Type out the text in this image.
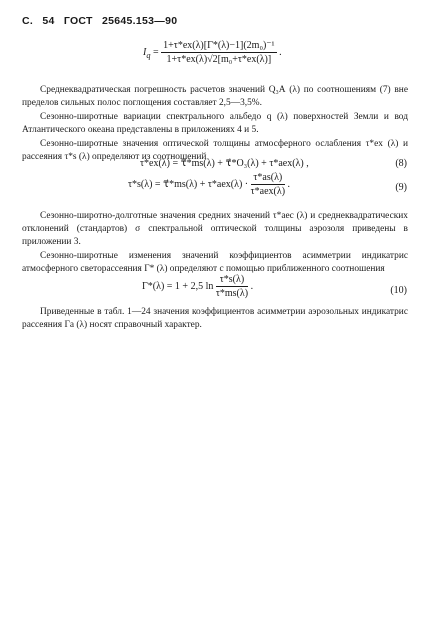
С. 54 ГОСТ 25645.153—90
$I_q = \frac{\text{1+τ*ex(λ)[Γ*(λ)−1](2m₀)⁻¹}}{\text{1+τ*ex(λ)√2[m₀+τ*ex(λ)]}}$ .
Среднеквадратическая погрешность расчетов значений Q₃А (λ) по соотношениям (7) вне пределов сильных полос поглощения составляет 2,5—3,5%.
Сезонно-широтные вариации спектрального альбедо q (λ) поверхностей Земли и вод Атлантического океана представлены в приложениях 4 и 5.
Сезонно-широтные значения оптической толщины атмосферного ослабления τ*ex (λ) и рассеяния τ*s (λ) определяют из соотношений
τ*ex(λ) = τ⃗*ms(λ) + τ⃗*O₃(λ) + τ*aex(λ) ,	(8)
τ*s(λ) = τ⃗*ms(λ) + $\tau*aex(\lambda) \cdot \frac{\tau*as(\lambda)}{\text{τ*aex(λ)}}$ .	(9)
Сезонно-широтно-долготные значения средних значений τ*aec (λ) и среднеквадратических отклонений (стандартов) σ спектральной оптической толщины аэрозоля приведены в приложении 3.
Сезонно-широтные изменения значений коэффициентов асимметрии индикатрис атмосферного светорассеяния Γ* (λ) определяют с помощью приближенного соотношения
Γ*(λ) = 1 + 2,5 $\ln \frac{\tau*s(\lambda)}{\tau*ms(\lambda)}$ .	(10)
Приведенные в табл. 1—24 значения коэффициентов асимметрии аэрозольных индикатрис рассеяния Γa (λ) носят справочный характер.
